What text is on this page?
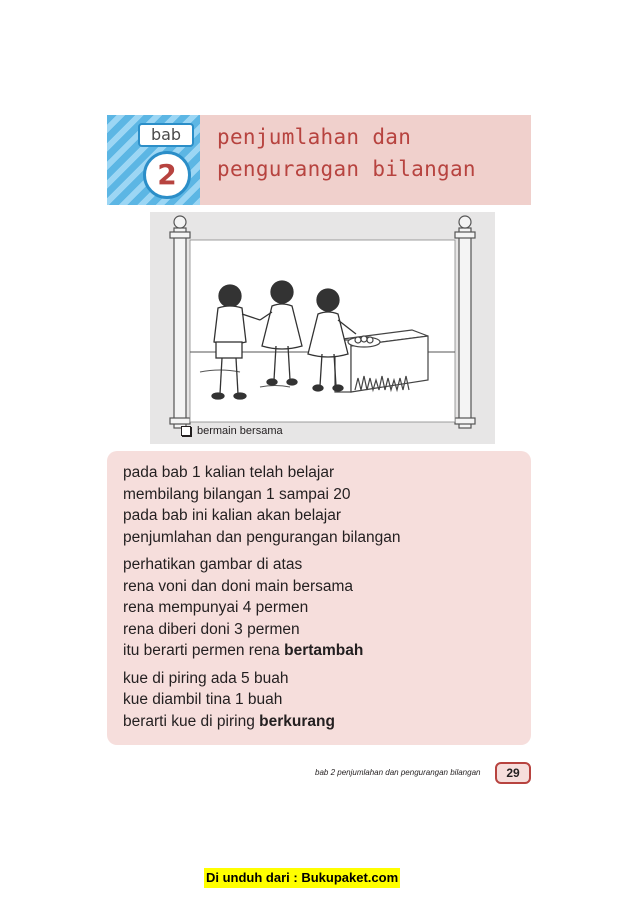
bab
2
penjumlahan dan
pengurangan bilangan
bermain bersama

pada bab 1 kalian telah belajar
membilang bilangan 1 sampai 20
pada bab ini kalian akan belajar
penjumlahan dan pengurangan bilangan

perhatikan gambar di atas
rena voni dan doni main bersama
rena mempunyai 4 permen
rena diberi doni 3 permen
itu berarti permen rena bertambah

kue di piring ada 5 buah
kue diambil tina 1 buah
berarti kue di piring berkurang

bab 2 penjumlahan dan pengurangan bilangan	29
Di unduh dari : Bukupaket.com
